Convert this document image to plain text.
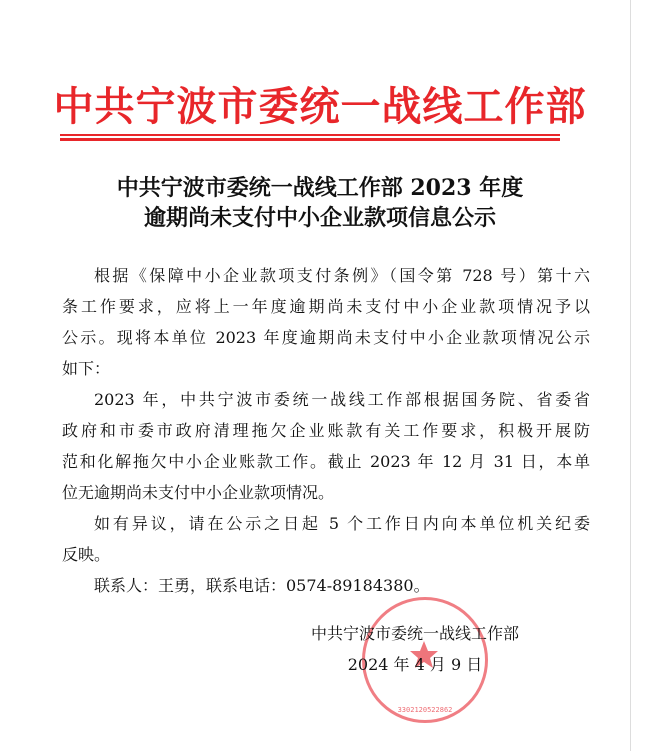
中共宁波市委统一战线工作部
中共宁波市委统一战线工作部 2023 年度
逾期尚未支付中小企业款项信息公示
根据《保障中小企业款项支付条例》（国令第 728 号）第十六
条工作要求，应将上一年度逾期尚未支付中小企业款项情况予以
公示。现将本单位 2023 年度逾期尚未支付中小企业款项情况公示
如下：
2023 年，中共宁波市委统一战线工作部根据国务院、省委省
政府和市委市政府清理拖欠企业账款有关工作要求，积极开展防
范和化解拖欠中小企业账款工作。截止 2023 年 12 月 31 日，本单
位无逾期尚未支付中小企业款项情况。
如有异议，请在公示之日起 5 个工作日内向本单位机关纪委
反映。
联系人：王勇，联系电话：0574-89184380。
3302120522862
中共宁波市委统一战线工作部
2024 年 4 月 9 日
